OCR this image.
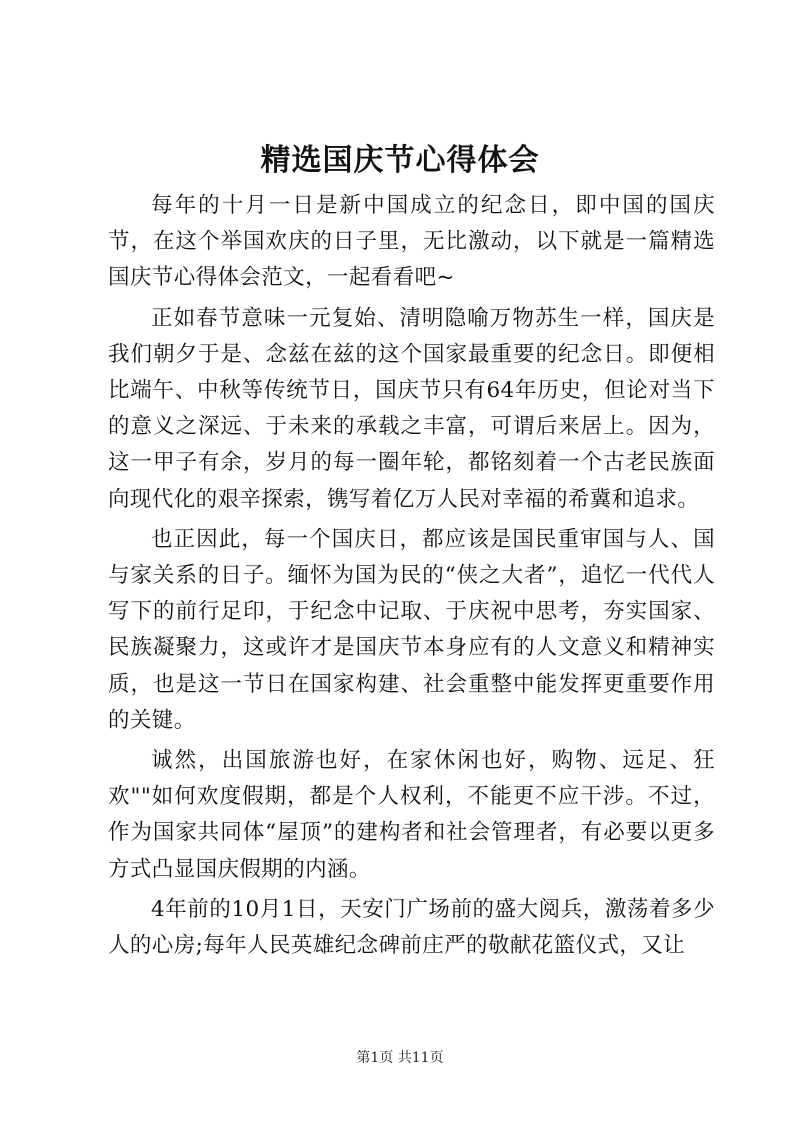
精选国庆节心得体会

每年的十月一日是新中国成立的纪念日，即中国的国庆节，在这个举国欢庆的日子里，无比激动，以下就是一篇精选国庆节心得体会范文，一起看看吧~

正如春节意味一元复始、清明隐喻万物苏生一样，国庆是我们朝夕于是、念兹在兹的这个国家最重要的纪念日。即便相比端午、中秋等传统节日，国庆节只有64年历史，但论对当下的意义之深远、于未来的承载之丰富，可谓后来居上。因为，这一甲子有余，岁月的每一圈年轮，都铭刻着一个古老民族面向现代化的艰辛探索，镌写着亿万人民对幸福的希冀和追求。

也正因此，每一个国庆日，都应该是国民重审国与人、国与家关系的日子。缅怀为国为民的“侠之大者”，追忆一代代人写下的前行足印，于纪念中记取、于庆祝中思考，夯实国家、民族凝聚力，这或许才是国庆节本身应有的人文意义和精神实质，也是这一节日在国家构建、社会重整中能发挥更重要作用的关键。

诚然，出国旅游也好，在家休闲也好，购物、远足、狂欢""如何欢度假期，都是个人权利，不能更不应干涉。不过，作为国家共同体“屋顶”的建构者和社会管理者，有必要以更多方式凸显国庆假期的内涵。

4年前的10月1日，天安门广场前的盛大阅兵，激荡着多少人的心房;每年人民英雄纪念碑前庄严的敬献花篮仪式，又让

第1页 共11页
